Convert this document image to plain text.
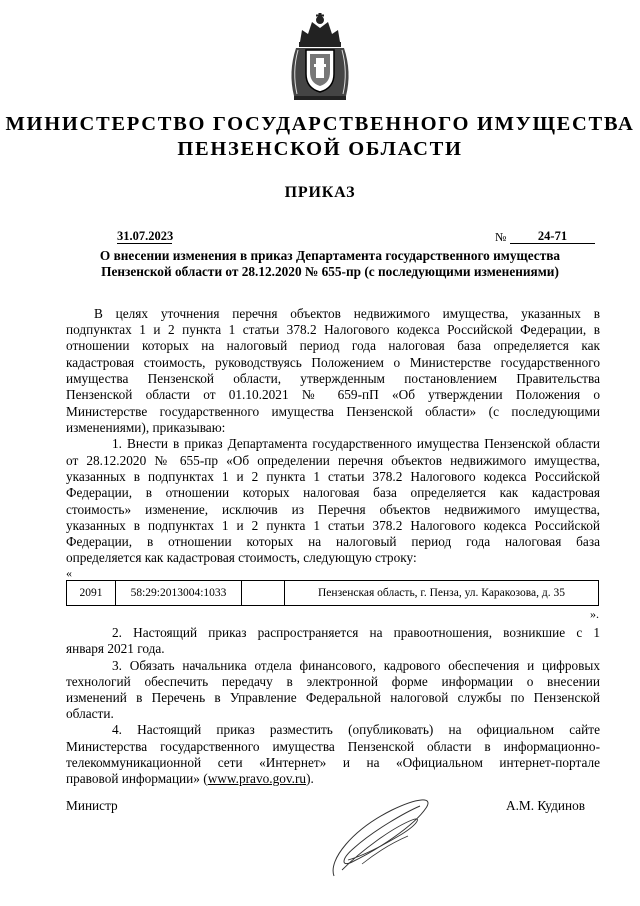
МИНИСТЕРСТВО ГОСУДАРСТВЕННОГО ИМУЩЕСТВА
ПЕНЗЕНСКОЙ ОБЛАСТИ
ПРИКАЗ
31.07.2023	№	24-71
О внесении изменения в приказ Департамента государственного имущества
Пензенской области от 28.12.2020 № 655-пр (с последующими изменениями)
В целях уточнения перечня объектов недвижимого имущества, указанных в
подпунктах 1 и 2 пункта 1 статьи 378.2 Налогового кодекса Российской Федерации, в
отношении которых на налоговый период года налоговая база определяется как
кадастровая стоимость, руководствуясь Положением о Министерстве государственного
имущества Пензенской области, утвержденным постановлением Правительства
Пензенской области от 01.10.2021 № 659-пП «Об утверждении Положения о
Министерстве государственного имущества Пензенской области» (с последующими
изменениями), приказываю:
1. Внести в приказ Департамента государственного имущества Пензенской области
от 28.12.2020 № 655-пр «Об определении перечня объектов недвижимого имущества,
указанных в подпунктах 1 и 2 пункта 1 статьи 378.2 Налогового кодекса Российской
Федерации, в отношении которых налоговая база определяется как кадастровая
стоимость» изменение, исключив из Перечня объектов недвижимого имущества,
указанных в подпунктах 1 и 2 пункта 1 статьи 378.2 Налогового кодекса Российской
Федерации, в отношении которых на налоговый период года налоговая база
определяется как кадастровая стоимость, следующую строку:
«
2091	58:29:2013004:1033		Пензенская область, г. Пенза, ул. Каракозова, д. 35
».
2. Настоящий приказ распространяется на правоотношения, возникшие с 1
января 2021 года.
3. Обязать начальника отдела финансового, кадрового обеспечения и цифровых
технологий обеспечить передачу в электронной форме информации о внесении
изменений в Перечень в Управление Федеральной налоговой службы по Пензенской
области.
4. Настоящий приказ разместить (опубликовать) на официальном сайте
Министерства государственного имущества Пензенской области в информационно-
телекоммуникационной сети «Интернет» и на «Официальном интернет-портале
правовой информации» (www.pravo.gov.ru).
Министр	А.М. Кудинов
